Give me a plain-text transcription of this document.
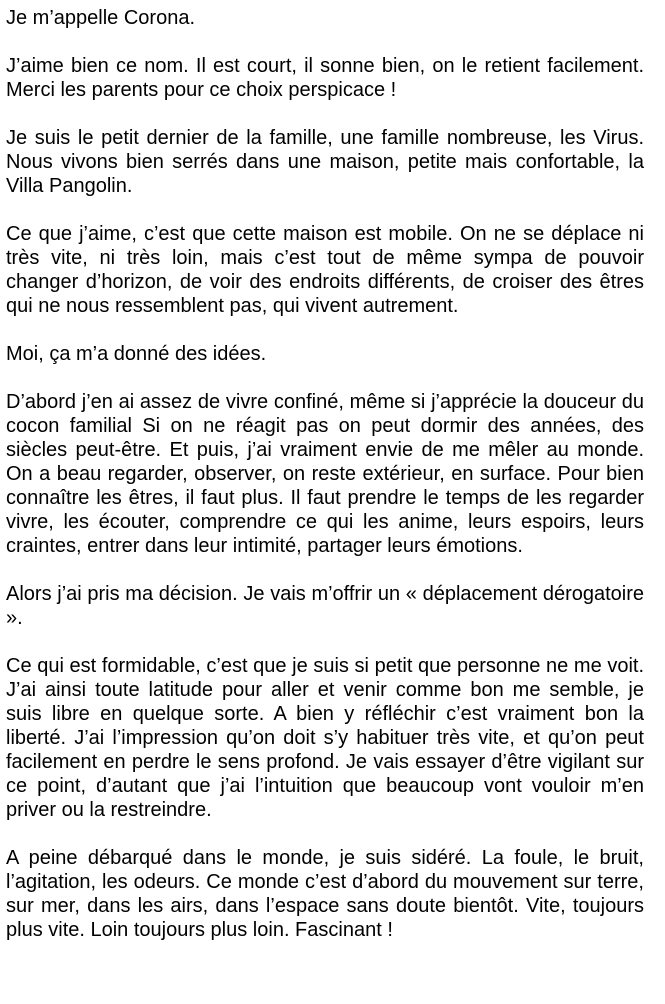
Je m’appelle Corona.

J’aime bien ce nom. Il est court, il sonne bien, on le retient facilement. Merci les parents pour ce choix perspicace !

Je suis le petit dernier de la famille, une famille nombreuse, les Virus. Nous vivons bien serrés dans une maison, petite mais confortable, la Villa Pangolin.

Ce que j’aime, c’est que cette maison est mobile. On ne se déplace ni très vite, ni très loin, mais c’est tout de même sympa de pouvoir changer d’horizon, de voir des endroits différents, de croiser des êtres qui ne nous ressemblent pas, qui vivent autrement.

Moi, ça m’a donné des idées.

D’abord j’en ai assez de vivre confiné, même si j’apprécie la douceur du cocon familial Si on ne réagit pas on peut dormir des années, des siècles peut-être. Et puis, j’ai vraiment envie de me mêler au monde. On a beau regarder, observer, on reste extérieur, en surface. Pour bien connaître les êtres, il faut plus. Il faut prendre le temps de les regarder vivre, les écouter, comprendre ce qui les anime, leurs espoirs, leurs craintes, entrer dans leur intimité, partager leurs émotions.

Alors j’ai pris ma décision. Je vais m’offrir un « déplacement dérogatoire ».

Ce qui est formidable, c’est que je suis si petit que personne ne me voit. J’ai ainsi toute latitude pour aller et venir comme bon me semble, je suis libre en quelque sorte. A bien y réfléchir c’est vraiment bon la liberté. J’ai l’impression qu’on doit s’y habituer très vite, et qu’on peut facilement en perdre le sens profond. Je vais essayer d’être vigilant sur ce point, d’autant que j’ai l’intuition que beaucoup vont vouloir m’en priver ou la restreindre.

A peine débarqué dans le monde, je suis sidéré. La foule, le bruit, l’agitation, les odeurs. Ce monde c’est d’abord du mouvement sur terre, sur mer, dans les airs, dans l’espace sans doute bientôt. Vite, toujours plus vite. Loin toujours plus loin. Fascinant !
